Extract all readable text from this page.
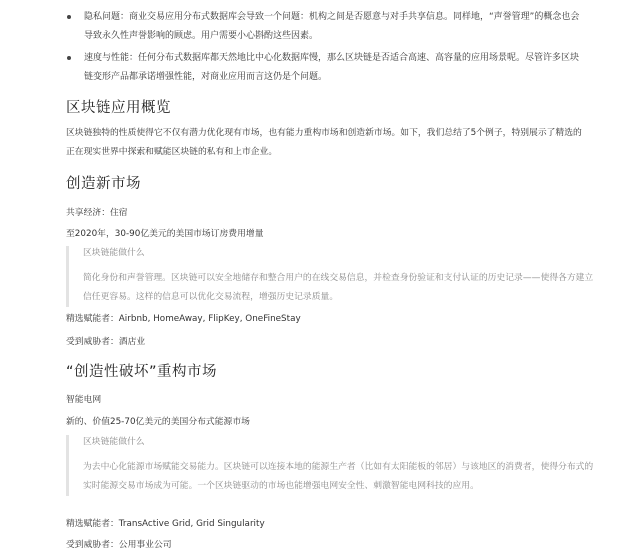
隐私问题：商业交易应用分布式数据库会导致一个问题：机构之间是否愿意与对手共享信息。同样地，“声誉管理”的概念也会导致永久性声誉影响的顾虑。用户需要小心斟酌这些因素。
速度与性能：任何分布式数据库都天然地比中心化数据库慢，那么区块链是否适合高速、高容量的应用场景呢。尽管许多区块链变形产品都承诺增强性能，对商业应用而言这仍是个问题。
区块链应用概览

区块链独特的性质使得它不仅有潜力优化现有市场，也有能力重构市场和创造新市场。如下，我们总结了5个例子，特别展示了精选的正在现实世界中探索和赋能区块链的私有和上市企业。

创造新市场

共享经济：住宿

至2020年，30-90亿美元的美国市场订房费用增量

区块链能做什么

简化身份和声誉管理。区块链可以安全地储存和整合用户的在线交易信息，并检查身份验证和支付认证的历史记录——使得各方建立信任更容易。这样的信息可以优化交易流程，增强历史记录质量。

精选赋能者：Airbnb, HomeAway, FlipKey, OneFineStay

受到威胁者：酒店业

“创造性破坏”重构市场

智能电网

新的、价值25-70亿美元的美国分布式能源市场

区块链能做什么

为去中心化能源市场赋能交易能力。区块链可以连接本地的能源生产者（比如有太阳能板的邻居）与该地区的消费者，使得分布式的实时能源交易市场成为可能。一个区块链驱动的市场也能增强电网安全性、刺激智能电网科技的应用。

精选赋能者：TransActive Grid, Grid Singularity

受到威胁者：公用事业公司
